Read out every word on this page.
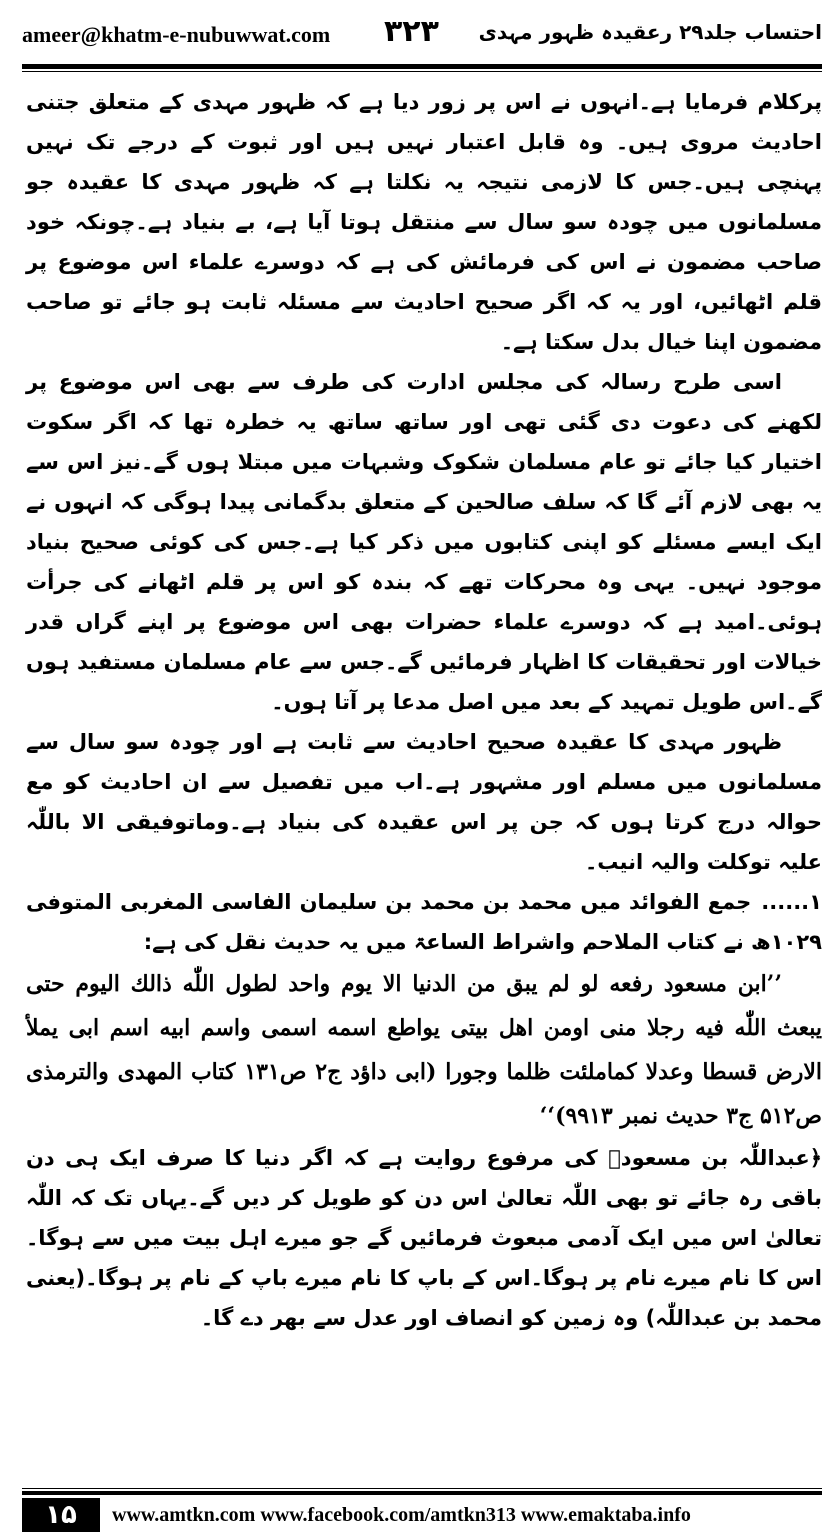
ameer@khatm-e-nubuwwat.com ۳۲۳ احتساب جلد۲۹ رعقیدہ ظہور مہدی

پرکلام فرمایا ہے۔انہوں نے اس پر زور دیا ہے کہ ظہور مہدی کے متعلق جتنی احادیث مروی ہیں۔ وہ قابل اعتبار نہیں ہیں اور ثبوت کے درجے تک نہیں پہنچی ہیں۔جس کا لازمی نتیجہ یہ نکلتا ہے کہ ظہور مہدی کا عقیدہ جو مسلمانوں میں چودہ سو سال سے منتقل ہوتا آیا ہے، بے بنیاد ہے۔چونکہ خود صاحب مضمون نے اس کی فرمائش کی ہے کہ دوسرے علماء اس موضوع پر قلم اٹھائیں، اور یہ کہ اگر صحیح احادیث سے مسئلہ ثابت ہو جائے تو صاحب مضمون اپنا خیال بدل سکتا ہے۔

اسی طرح رسالہ کی مجلس ادارت کی طرف سے بھی اس موضوع پر لکھنے کی دعوت دی گئی تھی اور ساتھ ساتھ یہ خطرہ تھا کہ اگر سکوت اختیار کیا جائے تو عام مسلمان شکوک وشبہات میں مبتلا ہوں گے۔نیز اس سے یہ بھی لازم آئے گا کہ سلف صالحین کے متعلق بدگمانی پیدا ہوگی کہ انہوں نے ایک ایسے مسئلے کو اپنی کتابوں میں ذکر کیا ہے۔جس کی کوئی صحیح بنیاد موجود نہیں۔ یہی وہ محرکات تھے کہ بندہ کو اس پر قلم اٹھانے کی جرأت ہوئی۔امید ہے کہ دوسرے علماء حضرات بھی اس موضوع پر اپنے گراں قدر خیالات اور تحقیقات کا اظہار فرمائیں گے۔جس سے عام مسلمان مستفید ہوں گے۔اس طویل تمہید کے بعد میں اصل مدعا پر آتا ہوں۔

ظہور مہدی کا عقیدہ صحیح احادیث سے ثابت ہے اور چودہ سو سال سے مسلمانوں میں مسلم اور مشہور ہے۔اب میں تفصیل سے ان احادیث کو مع حوالہ درج کرتا ہوں کہ جن پر اس عقیدہ کی بنیاد ہے۔وماتوفیقی الا باللّٰہ علیہ توکلت والیہ انیب۔

۱......جمع الفوائد میں محمد بن محمد بن سلیمان الفاسی المغربی المتوفی ۱۰۲۹ھ نے کتاب الملاحم واشراط الساعۃ میں یہ حدیث نقل کی ہے:

’’ابن مسعود رفعه لو لم یبق من الدنیا الا یوم واحد لطول اللّٰه ذالك الیوم حتی یبعث اللّٰه فیه رجلا منی اومن اهل بیتی یواطع اسمه اسمی واسم ابیه اسم ابی یملأ الارض قسطا وعدلا کماملئت ظلما وجورا (ابی داؤد ج۲ ص۱۳۱ کتاب المهدی والترمذی ص۵۱۲ ج۳ حدیث نمبر ۹۹۱۳)‘‘

﴿عبداللّٰہ بن مسعودؓ کی مرفوع روایت ہے کہ اگر دنیا کا صرف ایک ہی دن باقی رہ جائے تو بھی اللّٰہ تعالیٰ اس دن کو طویل کر دیں گے۔یہاں تک کہ اللّٰہ تعالیٰ اس میں ایک آدمی مبعوث فرمائیں گے جو میرے اہل بیت میں سے ہوگا۔اس کا نام میرے نام پر ہوگا۔اس کے باپ کا نام میرے باپ کے نام پر ہوگا۔(یعنی محمد بن عبداللّٰہ) وہ زمین کو انصاف اور عدل سے بھر دے گا۔

۱۵	www.amtkn.com www.facebook.com/amtkn313 www.emaktaba.info
